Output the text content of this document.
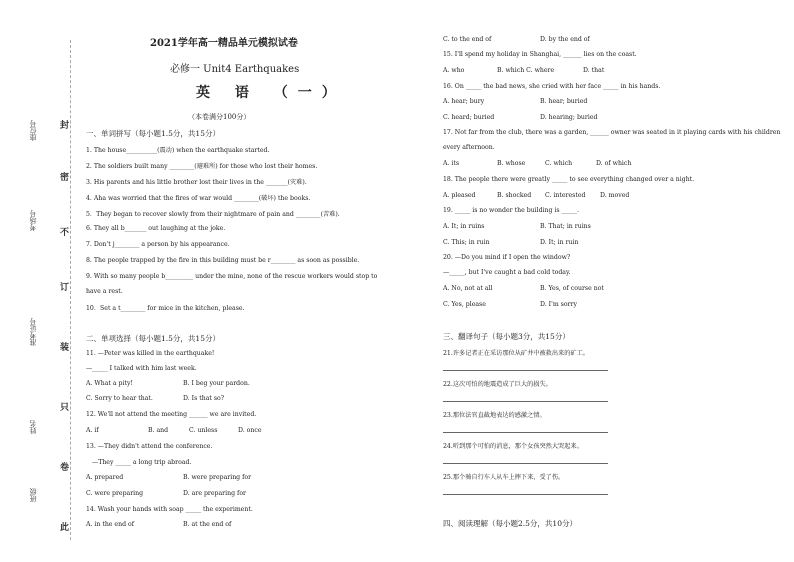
此
卷
只
装
订
不
密
封
班级
姓名
准考证号
考场号
座位号
2021学年高一精品单元模拟试卷
必修一 Unit4 Earthquakes
英 语 （一）
（本卷满分100分）
一、单词拼写（每小题1.5分，共15分）
1. The house__________(震动) when the earthquake started.
2. The soldiers built many ________(避难所) for those who lost their homes.
3. His parents and his little brother lost their lives in the _______(灾难).
4. Aha was worried that the fires of war would ________(破坏) the books.
5．They began to recover slowly from their nightmare of pain and ________(苦难).
6. They all b_______ out laughing at the joke.
7. Don't j________ a person by his appearance.
8. The people trapped by the fire in this building must be r________ as soon as possible.
9. With so many people b_________ under the mine, none of the rescue workers would stop to
have a rest.
10．Set a t________ for mice in the kitchen, please.
二、单项选择（每小题1.5分，共15分）
11. —Peter was killed in the earthquake!
—_____ I talked with him last week.
A. What a pity!	B. I beg your pardon.
C. Sorry to hear that.	D. Is that so?
12. We'll not attend the meeting ______ we are invited.
A. if	B. and	C. unless	D. once
13. —They didn't attend the conference.
—They _____ a long trip abroad.
A. prepared	B. were preparing for
C. were preparing	D. are preparing for
14. Wash your hands with soap _____ the experiment.
A. in the end of	B. at the end of
C. to the end of	D. by the end of
15. I'll spend my holiday in Shanghai, ______ lies on the coast.
A. who	B. which C. where	D. that
16. On _____ the bad news, she cried with her face _____ in his hands.
A. hear; bury	B. hear; buried
C. heard; buried	D. hearing; buried
17. Not far from the club, there was a garden, ______ owner was seated in it playing cards with his children
every afternoon.
A. its	B. whose	C. which	D. of which
18. The people there were greatly _____ to see everything changed over a night.
A. pleased	B. shocked C. interested D. moved
19. _____ is no wonder the building is _____.
A. It; in ruins	B. That; in ruins
C. This; in ruin	D. It; in ruin
20. —Do you mind if I open the window?
—_____, but I've caught a bad cold today.
A. No, not at all	B. Yes, of course not
C. Yes, please	D. I'm sorry
三、翻译句子（每小题3分，共15分）
21.许多记者正在采访那位从矿井中被救出来的矿工。
22.这次可怕的地震造成了巨大的损失。
23.那位法官直截地表达的感激之情。
24.听到那个可怕的消息，那个女孩突然大哭起来。
25.那个骑自行车人从车上摔下来，受了伤。
四、阅读理解（每小题2.5分，共10分）
